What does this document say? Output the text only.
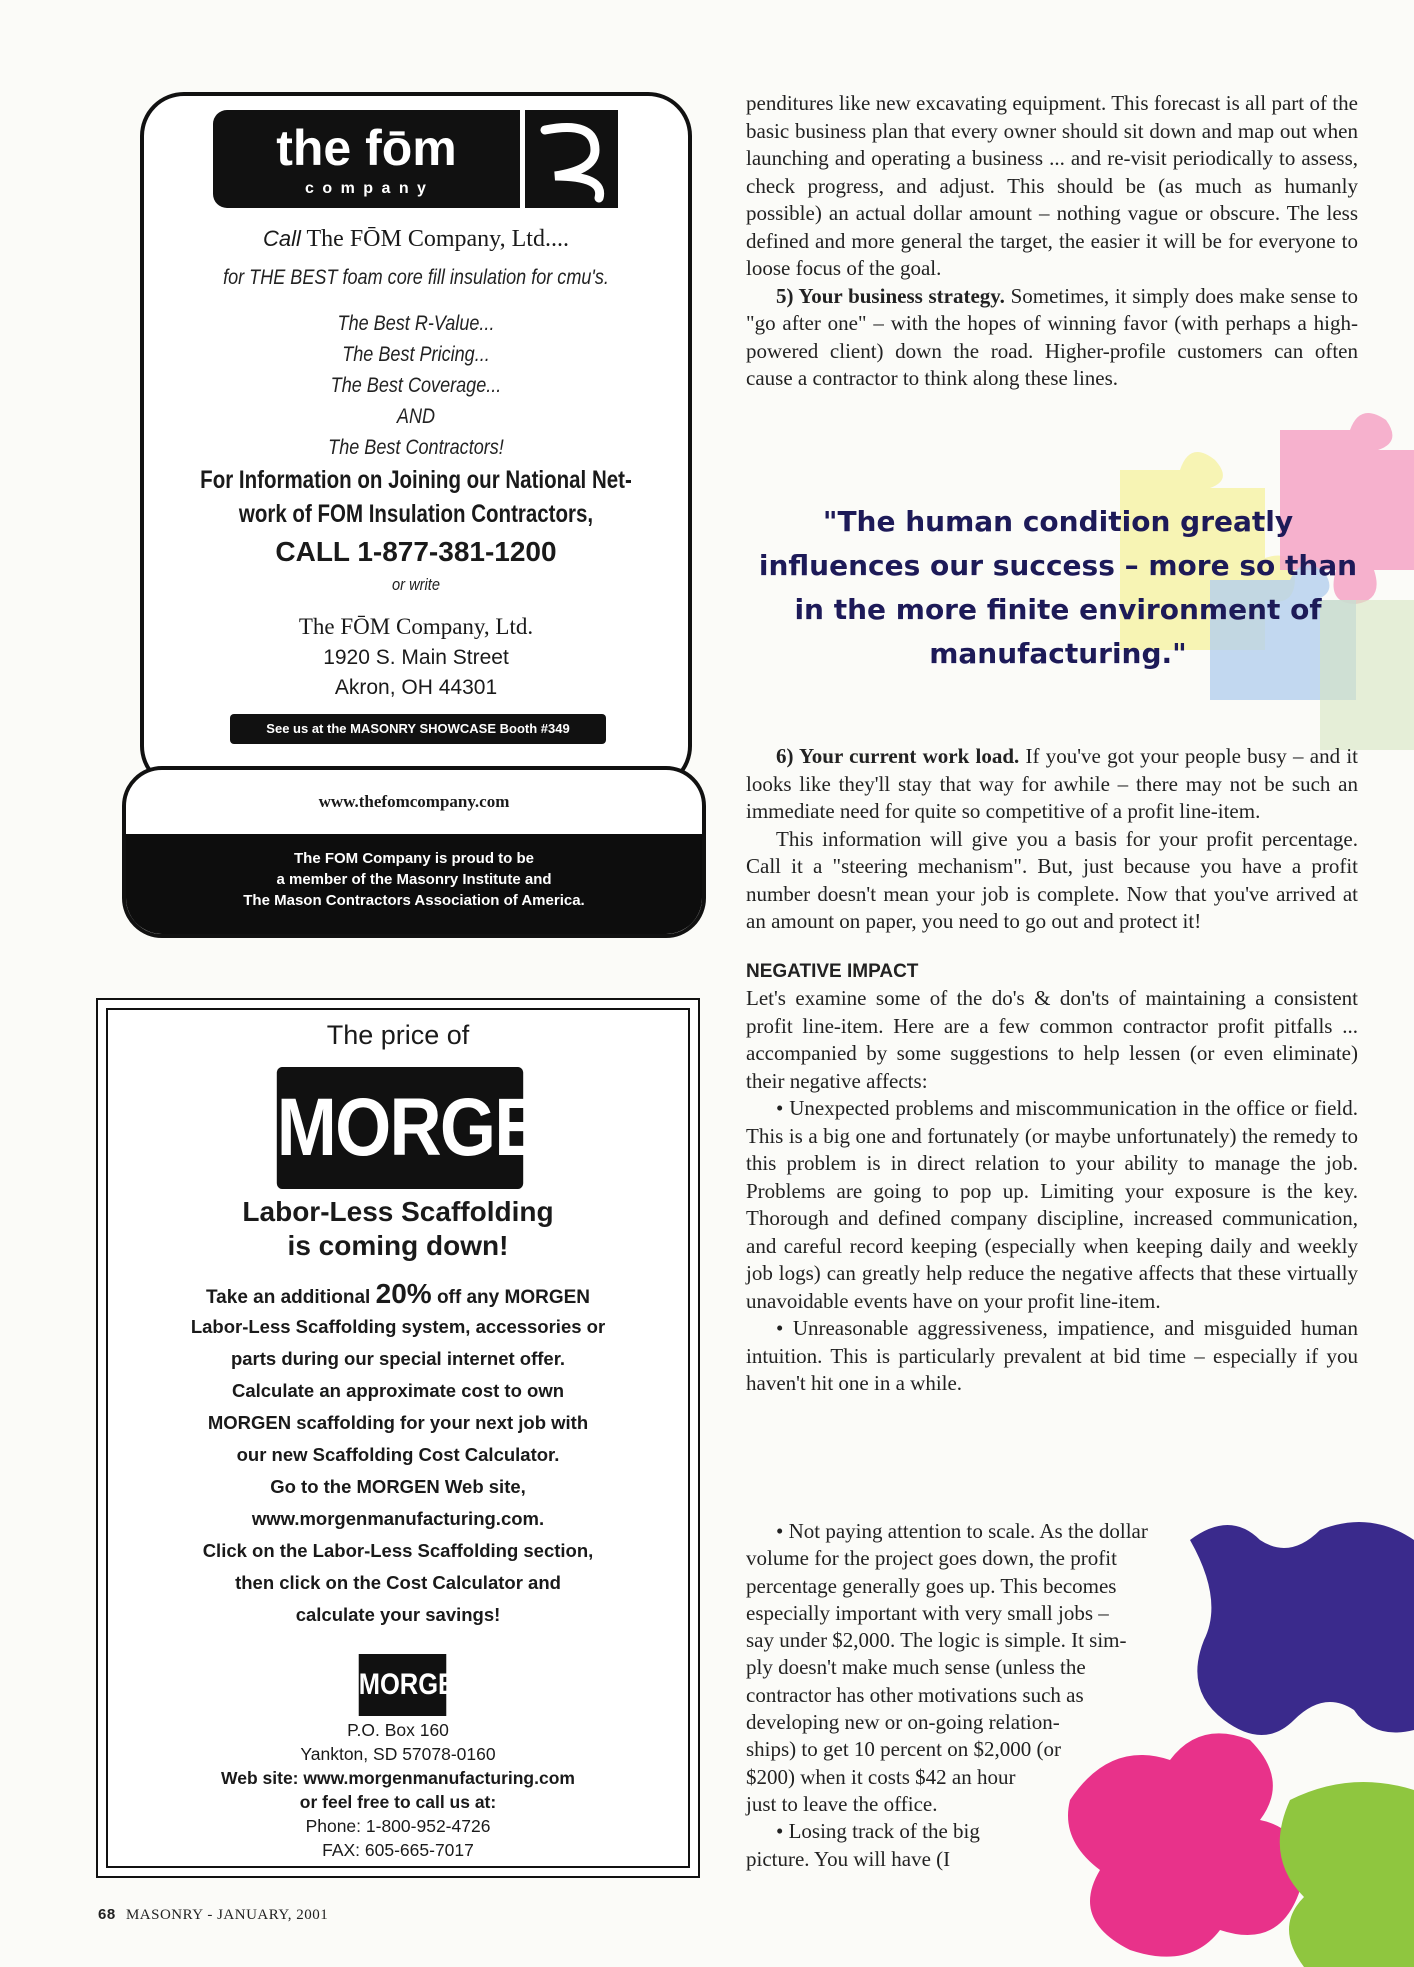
the fōm
c o m p a n y
Call The FŌM Company, Ltd....
for THE BEST foam core fill insulation for cmu's.
The Best R-Value...
The Best Pricing...
The Best Coverage...
AND
The Best Contractors!
For Information on Joining our National Net-
work of FOM Insulation Contractors,
CALL 1-877-381-1200
or write
The FŌM Company, Ltd.
1920 S. Main Street
Akron, OH 44301
See us at the MASONRY SHOWCASE Booth #349
www.thefomcompany.com
The FOM Company is proud to be
a member of the Masonry Institute and
The Mason Contractors Association of America.
The price of
MORGEN
Labor-Less Scaffolding
is coming down!
Take an additional 20% off any MORGEN
Labor-Less Scaffolding system, accessories or
parts during our special internet offer.
Calculate an approximate cost to own
MORGEN scaffolding for your next job with
our new Scaffolding Cost Calculator.
Go to the MORGEN Web site,
www.morgenmanufacturing.com.
Click on the Labor-Less Scaffolding section,
then click on the Cost Calculator and
calculate your savings!
MORGEN
P.O. Box 160
Yankton, SD 57078-0160
Web site: www.morgenmanufacturing.com
or feel free to call us at:
Phone: 1-800-952-4726
FAX: 605-665-7017

penditures like new excavating equipment. This forecast is all part of the basic business plan that every owner should sit down and map out when launching and operating a business ... and re-visit periodically to assess, check progress, and adjust. This should be (as much as humanly possible) an actual dollar amount – nothing vague or obscure. The less defined and more general the target, the easier it will be for everyone to loose focus of the goal.

5) Your business strategy. Sometimes, it simply does make sense to "go after one" – with the hopes of winning favor (with perhaps a high-powered client) down the road. Higher-profile customers can often cause a contractor to think along these lines.

"The human condition greatly influences our success – more so than in the more finite environment of manufacturing."

6) Your current work load. If you've got your people busy – and it looks like they'll stay that way for awhile – there may not be such an immediate need for quite so competitive of a profit line-item.

This information will give you a basis for your profit percentage. Call it a "steering mechanism". But, just because you have a profit number doesn't mean your job is complete. Now that you've arrived at an amount on paper, you need to go out and protect it!

NEGATIVE IMPACT

Let's examine some of the do's & don'ts of maintaining a consistent profit line-item. Here are a few common contractor profit pitfalls ... accompanied by some suggestions to help lessen (or even eliminate) their negative affects:

• Unexpected problems and miscommunication in the office or field. This is a big one and fortunately (or maybe unfortunately) the remedy to this problem is in direct relation to your ability to manage the job. Problems are going to pop up. Limiting your exposure is the key. Thorough and defined company discipline, increased communication, and careful record keeping (especially when keeping daily and weekly job logs) can greatly help reduce the negative affects that these virtually unavoidable events have on your profit line-item.

• Unreasonable aggressiveness, impatience, and misguided human intuition. This is particularly prevalent at bid time – especially if you haven't hit one in a while.

• Not paying attention to scale. As the dollar
volume for the project goes down, the profit
percentage generally goes up. This becomes
especially important with very small jobs –
say under $2,000. The logic is simple. It sim-
ply doesn't make much sense (unless the
contractor has other motivations such as
developing new or on-going relation-
ships) to get 10 percent on $2,000 (or
$200) when it costs $42 an hour
just to leave the office.
• Losing track of the big
picture. You will have (I
68 MASONRY - JANUARY, 2001
